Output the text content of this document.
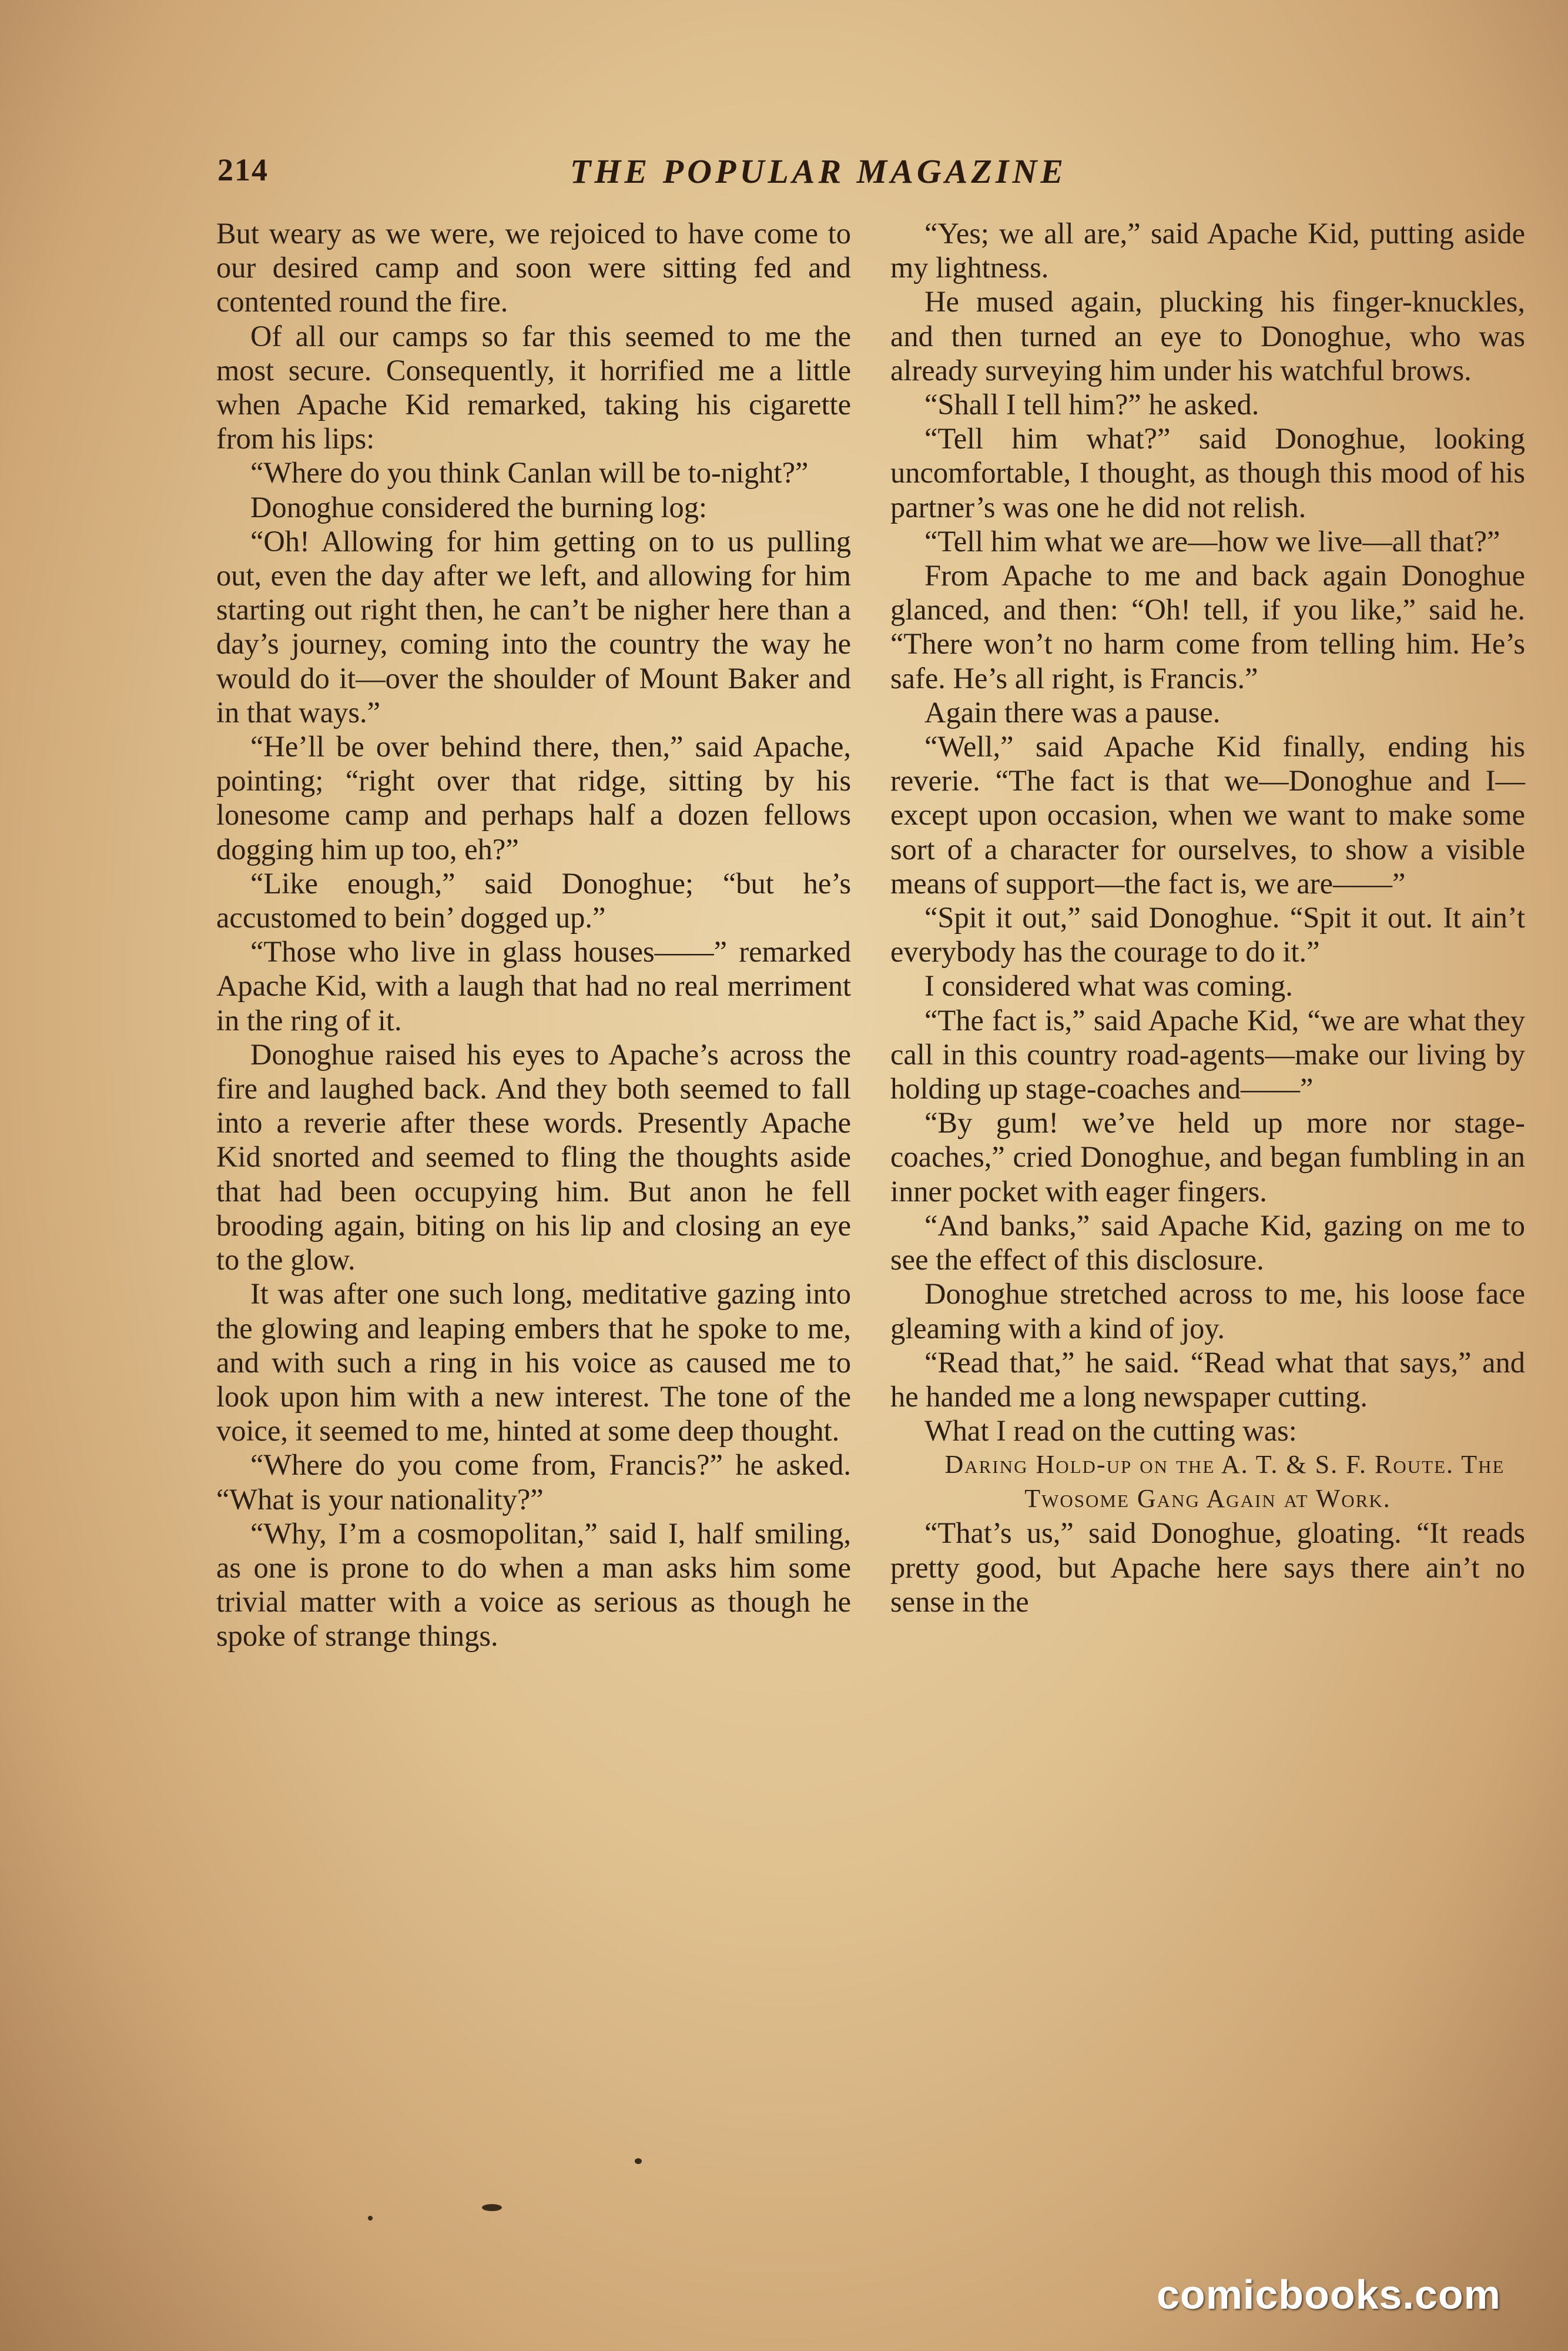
214	THE POPULAR MAGAZINE

But weary as we were, we rejoiced to have come to our desired camp and soon were sitting fed and contented round the fire.

Of all our camps so far this seemed to me the most secure. Consequently, it horrified me a little when Apache Kid remarked, taking his cigarette from his lips:

“Where do you think Canlan will be to-night?”

Donoghue considered the burning log:

“Oh! Allowing for him getting on to us pulling out, even the day after we left, and allowing for him starting out right then, he can’t be nigher here than a day’s journey, coming into the country the way he would do it—over the shoulder of Mount Baker and in that ways.”

“He’ll be over behind there, then,” said Apache, pointing; “right over that ridge, sitting by his lonesome camp and perhaps half a dozen fellows dogging him up too, eh?”

“Like enough,” said Donoghue; “but he’s accustomed to bein’ dogged up.”

“Those who live in glass houses——” remarked Apache Kid, with a laugh that had no real merriment in the ring of it.

Donoghue raised his eyes to Apache’s across the fire and laughed back. And they both seemed to fall into a reverie after these words. Presently Apache Kid snorted and seemed to fling the thoughts aside that had been occupying him. But anon he fell brooding again, biting on his lip and closing an eye to the glow.

It was after one such long, meditative gazing into the glowing and leaping embers that he spoke to me, and with such a ring in his voice as caused me to look upon him with a new interest. The tone of the voice, it seemed to me, hinted at some deep thought.

“Where do you come from, Francis?” he asked. “What is your nationality?”

“Why, I’m a cosmopolitan,” said I, half smiling, as one is prone to do when a man asks him some trivial matter with a voice as serious as though he spoke of strange things.

“Yes; we all are,” said Apache Kid, putting aside my lightness.

He mused again, plucking his finger-knuckles, and then turned an eye to Donoghue, who was already surveying him under his watchful brows.

“Shall I tell him?” he asked.

“Tell him what?” said Donoghue, looking uncomfortable, I thought, as though this mood of his partner’s was one he did not relish.

“Tell him what we are—how we live—all that?”

From Apache to me and back again Donoghue glanced, and then: “Oh! tell, if you like,” said he. “There won’t no harm come from telling him. He’s safe. He’s all right, is Francis.”

Again there was a pause.

“Well,” said Apache Kid finally, ending his reverie. “The fact is that we—Donoghue and I—except upon occasion, when we want to make some sort of a character for ourselves, to show a visible means of support—the fact is, we are——”

“Spit it out,” said Donoghue. “Spit it out. It ain’t everybody has the courage to do it.”

I considered what was coming.

“The fact is,” said Apache Kid, “we are what they call in this country road-agents—make our living by holding up stage-coaches and——”

“By gum! we’ve held up more nor stage-coaches,” cried Donoghue, and began fumbling in an inner pocket with eager fingers.

“And banks,” said Apache Kid, gazing on me to see the effect of this disclosure.

Donoghue stretched across to me, his loose face gleaming with a kind of joy.

“Read that,” he said. “Read what that says,” and he handed me a long newspaper cutting.

What I read on the cutting was:

Daring Hold-up on the A. T. & S. F. Route. The Twosome Gang Again at Work.

“That’s us,” said Donoghue, gloating. “It reads pretty good, but Apache here says there ain’t no sense in the

comicbooks.com
